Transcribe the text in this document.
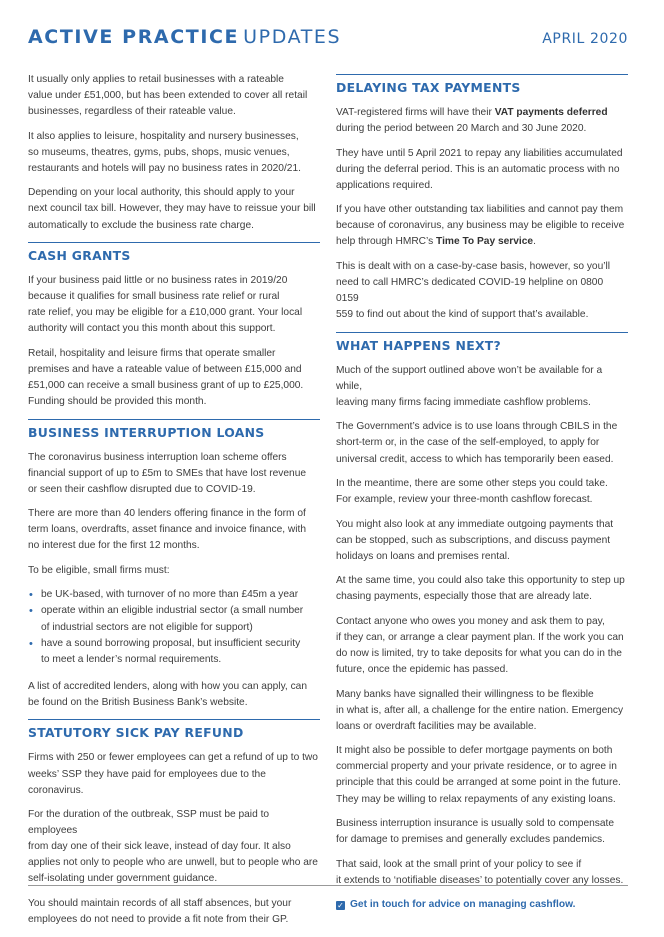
ACTIVE PRACTICE UPDATES	APRIL 2020

It usually only applies to retail businesses with a rateable
value under £51,000, but has been extended to cover all retail
businesses, regardless of their rateable value.

It also applies to leisure, hospitality and nursery businesses,
so museums, theatres, gyms, pubs, shops, music venues,
restaurants and hotels will pay no business rates in 2020/21.

Depending on your local authority, this should apply to your
next council tax bill. However, they may have to reissue your bill
automatically to exclude the business rate charge.

CASH GRANTS

If your business paid little or no business rates in 2019/20
because it qualifies for small business rate relief or rural
rate relief, you may be eligible for a £10,000 grant. Your local
authority will contact you this month about this support.

Retail, hospitality and leisure firms that operate smaller
premises and have a rateable value of between £15,000 and
£51,000 can receive a small business grant of up to £25,000.
Funding should be provided this month.

BUSINESS INTERRUPTION LOANS

The coronavirus business interruption loan scheme offers
financial support of up to £5m to SMEs that have lost revenue
or seen their cashflow disrupted due to COVID-19.

There are more than 40 lenders offering finance in the form of
term loans, overdrafts, asset finance and invoice finance, with
no interest due for the first 12 months.

To be eligible, small firms must:

• be UK-based, with turnover of no more than £45m a year
• operate within an eligible industrial sector (a small number
of industrial sectors are not eligible for support)
• have a sound borrowing proposal, but insufficient security
to meet a lender’s normal requirements.

A list of accredited lenders, along with how you can apply, can
be found on the British Business Bank’s website.

STATUTORY SICK PAY REFUND

Firms with 250 or fewer employees can get a refund of up to two
weeks’ SSP they have paid for employees due to the coronavirus.

For the duration of the outbreak, SSP must be paid to employees
from day one of their sick leave, instead of day four. It also
applies not only to people who are unwell, but to people who are
self-isolating under government guidance.

You should maintain records of all staff absences, but your
employees do not need to provide a fit note from their GP.

DELAYING TAX PAYMENTS

VAT-registered firms will have their VAT payments deferred
during the period between 20 March and 30 June 2020.

They have until 5 April 2021 to repay any liabilities accumulated
during the deferral period. This is an automatic process with no
applications required.

If you have other outstanding tax liabilities and cannot pay them
because of coronavirus, any business may be eligible to receive
help through HMRC’s Time To Pay service.

This is dealt with on a case-by-case basis, however, so you’ll
need to call HMRC’s dedicated COVID-19 helpline on 0800 0159
559 to find out about the kind of support that’s available.

WHAT HAPPENS NEXT?

Much of the support outlined above won’t be available for a while,
leaving many firms facing immediate cashflow problems.

The Government’s advice is to use loans through CBILS in the
short-term or, in the case of the self-employed, to apply for
universal credit, access to which has temporarily been eased.

In the meantime, there are some other steps you could take.
For example, review your three-month cashflow forecast.

You might also look at any immediate outgoing payments that
can be stopped, such as subscriptions, and discuss payment
holidays on loans and premises rental.

At the same time, you could also take this opportunity to step up
chasing payments, especially those that are already late.

Contact anyone who owes you money and ask them to pay,
if they can, or arrange a clear payment plan. If the work you can
do now is limited, try to take deposits for what you can do in the
future, once the epidemic has passed.

Many banks have signalled their willingness to be flexible
in what is, after all, a challenge for the entire nation. Emergency
loans or overdraft facilities may be available.

It might also be possible to defer mortgage payments on both
commercial property and your private residence, or to agree in
principle that this could be arranged at some point in the future.
They may be willing to relax repayments of any existing loans.

Business interruption insurance is usually sold to compensate
for damage to premises and generally excludes pandemics.

That said, look at the small print of your policy to see if
it extends to ‘notifiable diseases’ to potentially cover any losses.

✓ Get in touch for advice on managing cashflow.
